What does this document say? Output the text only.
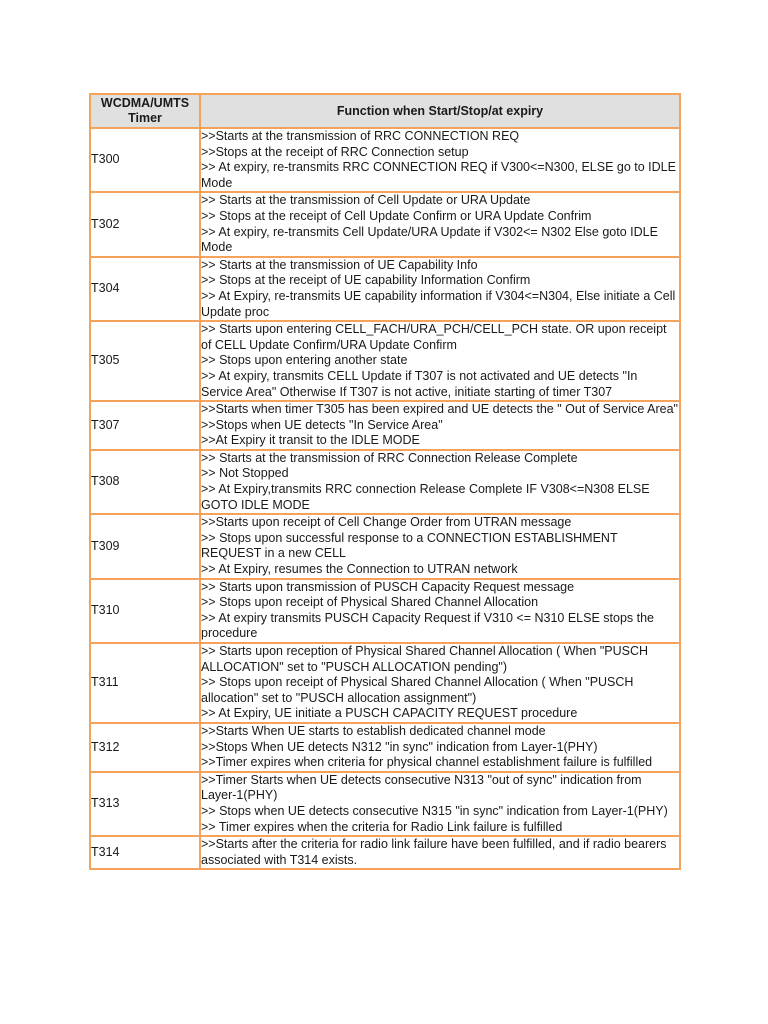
WCDMA/UMTS Timer	Function when Start/Stop/at expiry
T300	>>Starts at the transmission of RRC CONNECTION REQ
>>Stops at the receipt of RRC Connection setup
>> At expiry, re-transmits RRC CONNECTION REQ if V300<=N300, ELSE go to IDLE Mode

T302	>> Starts at the transmission of Cell Update or URA Update
>> Stops at the receipt of Cell Update Confirm or URA Update Confrim
>> At expiry, re-transmits Cell Update/URA Update if V302<= N302 Else goto IDLE Mode

T304	>> Starts at the transmission of UE Capability Info
>> Stops at the receipt of UE capability Information Confirm
>> At Expiry, re-transmits UE capability information if V304<=N304, Else initiate a Cell Update proc

T305	>> Starts upon entering CELL_FACH/URA_PCH/CELL_PCH state. OR upon receipt of CELL Update Confirm/URA Update Confirm
>> Stops upon entering another state
>> At expiry, transmits CELL Update if T307 is not activated and UE detects "In Service Area" Otherwise If T307 is not active, initiate starting of timer T307

T307	>>Starts when timer T305 has been expired and UE detects the " Out of Service Area"
>>Stops when UE detects "In Service Area"
>>At Expiry it transit to the IDLE MODE

T308	>> Starts at the transmission of RRC Connection Release Complete
>> Not Stopped
>> At Expiry,transmits RRC connection Release Complete IF V308<=N308 ELSE GOTO IDLE MODE

T309	>>Starts upon receipt of Cell Change Order from UTRAN message
>> Stops upon successful response to a CONNECTION ESTABLISHMENT REQUEST in a new CELL
>> At Expiry, resumes the Connection to UTRAN network

T310	>> Starts upon transmission of PUSCH Capacity Request message
>> Stops upon receipt of Physical Shared Channel Allocation
>> At expiry transmits PUSCH Capacity Request if V310 <= N310 ELSE stops the procedure

T311	>> Starts upon reception of Physical Shared Channel Allocation ( When "PUSCH ALLOCATION" set to "PUSCH ALLOCATION pending")
>> Stops upon receipt of Physical Shared Channel Allocation ( When "PUSCH allocation" set to "PUSCH allocation assignment")
>> At Expiry, UE initiate a PUSCH CAPACITY REQUEST procedure

T312	>>Starts When UE starts to establish dedicated channel mode
>>Stops When UE detects N312 "in sync" indication from Layer-1(PHY)
>>Timer expires when criteria for physical channel establishment failure is fulfilled

T313	>>Timer Starts when UE detects consecutive N313 "out of sync" indication from Layer-1(PHY)
>> Stops when UE detects consecutive N315 "in sync" indication from Layer-1(PHY)
>> Timer expires when the criteria for Radio Link failure is fulfilled

T314	>>Starts after the criteria for radio link failure have been fulfilled, and if radio bearers associated with T314 exists.
